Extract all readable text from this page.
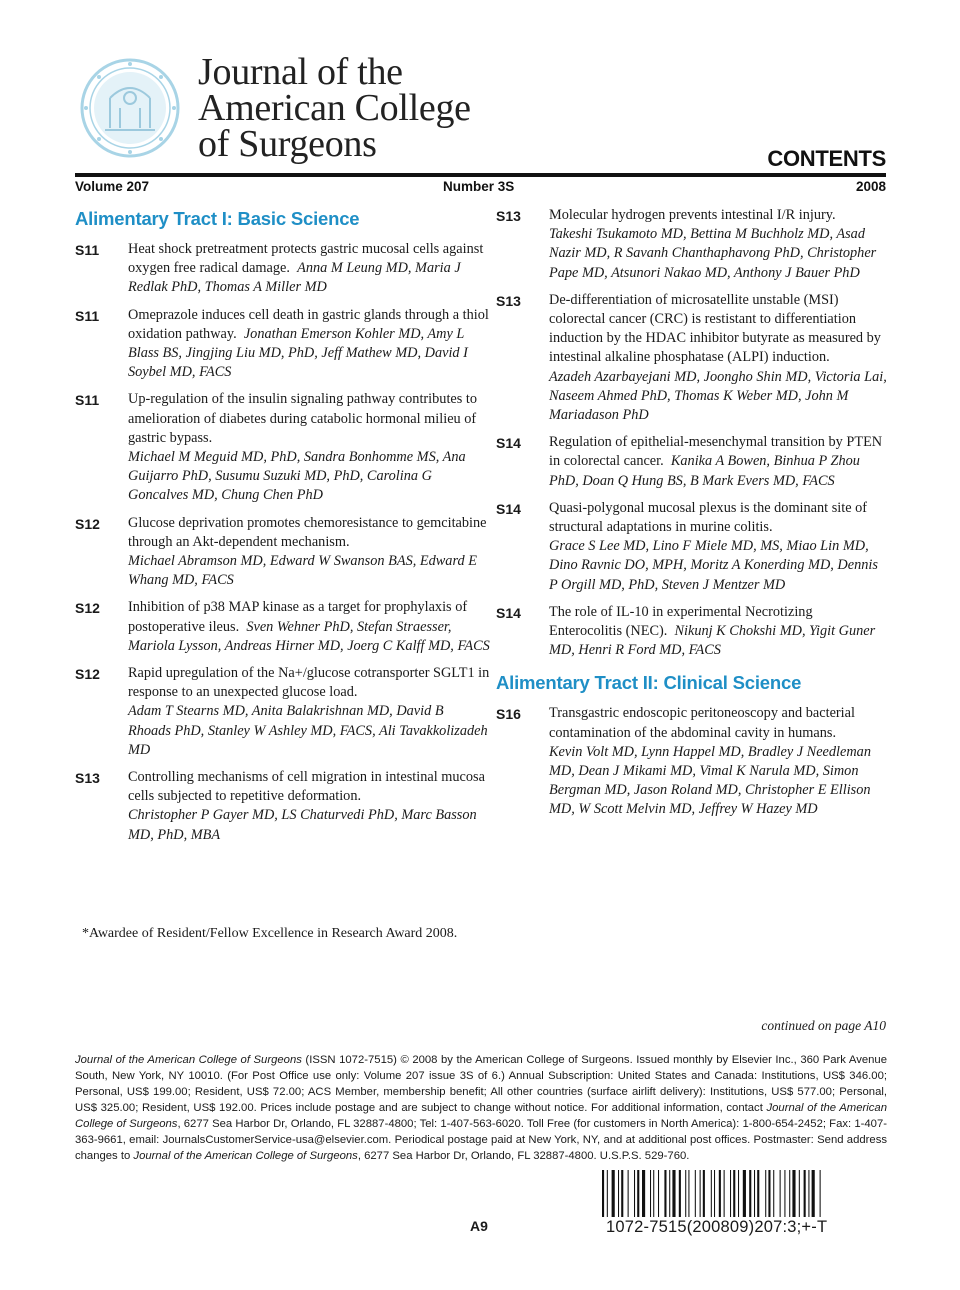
Journal of the
American College
of Surgeons	CONTENTS
Volume 207	Number 3S	2008
Alimentary Tract I: Basic Science
S11	Heat shock pretreatment protects gastric mucosal cells against oxygen free radical damage. Anna M Leung MD, Maria J Redlak PhD, Thomas A Miller MD
S11	Omeprazole induces cell death in gastric glands through a thiol oxidation pathway. Jonathan Emerson Kohler MD, Amy L Blass BS, Jingjing Liu MD, PhD, Jeff Mathew MD, David I Soybel MD, FACS
S11	Up-regulation of the insulin signaling pathway contributes to amelioration of diabetes during catabolic hormonal milieu of gastric bypass.
Michael M Meguid MD, PhD, Sandra Bonhomme MS, Ana Guijarro PhD, Susumu Suzuki MD, PhD, Carolina G Goncalves MD, Chung Chen PhD
S12	Glucose deprivation promotes chemoresistance to gemcitabine through an Akt-dependent mechanism.
Michael Abramson MD, Edward W Swanson BAS, Edward E Whang MD, FACS
S12	Inhibition of p38 MAP kinase as a target for prophylaxis of postoperative ileus. Sven Wehner PhD, Stefan Straesser, Mariola Lysson, Andreas Hirner MD, Joerg C Kalff MD, FACS
S12	Rapid upregulation of the Na+/glucose cotransporter SGLT1 in response to an unexpected glucose load.
Adam T Stearns MD, Anita Balakrishnan MD, David B Rhoads PhD, Stanley W Ashley MD, FACS, Ali Tavakkolizadeh MD
S13	Controlling mechanisms of cell migration in intestinal mucosa cells subjected to repetitive deformation.
Christopher P Gayer MD, LS Chaturvedi PhD, Marc Basson MD, PhD, MBA
S13	Molecular hydrogen prevents intestinal I/R injury.
Takeshi Tsukamoto MD, Bettina M Buchholz MD, Asad Nazir MD, R Savanh Chanthaphavong PhD, Christopher Pape MD, Atsunori Nakao MD, Anthony J Bauer PhD
S13	De-differentiation of microsatellite unstable (MSI) colorectal cancer (CRC) is restistant to differentiation induction by the HDAC inhibitor butyrate as measured by intestinal alkaline phosphatase (ALPI) induction.
Azadeh Azarbayejani MD, Joongho Shin MD, Victoria Lai, Naseem Ahmed PhD, Thomas K Weber MD, John M Mariadason PhD
S14	Regulation of epithelial-mesenchymal transition by PTEN in colorectal cancer. Kanika A Bowen, Binhua P Zhou PhD, Doan Q Hung BS, B Mark Evers MD, FACS
S14	Quasi-polygonal mucosal plexus is the dominant site of structural adaptations in murine colitis.
Grace S Lee MD, Lino F Miele MD, MS, Miao Lin MD, Dino Ravnic DO, MPH, Moritz A Konerding MD, Dennis P Orgill MD, PhD, Steven J Mentzer MD
S14	The role of IL-10 in experimental Necrotizing Enterocolitis (NEC). Nikunj K Chokshi MD, Yigit Guner MD, Henri R Ford MD, FACS
Alimentary Tract II: Clinical Science
S16	Transgastric endoscopic peritoneoscopy and bacterial contamination of the abdominal cavity in humans.
Kevin Volt MD, Lynn Happel MD, Bradley J Needleman MD, Dean J Mikami MD, Vimal K Narula MD, Simon Bergman MD, Jason Roland MD, Christopher E Ellison MD, W Scott Melvin MD, Jeffrey W Hazey MD
*Awardee of Resident/Fellow Excellence in Research Award 2008.
continued on page A10
Journal of the American College of Surgeons (ISSN 1072-7515) © 2008 by the American College of Surgeons. Issued monthly by Elsevier Inc., 360 Park Avenue South, New York, NY 10010. (For Post Office use only: Volume 207 issue 3S of 6.) Annual Subscription: United States and Canada: Institutions, US$ 346.00; Personal, US$ 199.00; Resident, US$ 72.00; ACS Member, membership benefit; All other countries (surface airlift delivery): Institutions, US$ 577.00; Personal, US$ 325.00; Resident, US$ 192.00. Prices include postage and are subject to change without notice. For additional information, contact Journal of the American College of Surgeons, 6277 Sea Harbor Dr, Orlando, FL 32887-4800; Tel: 1-407-563-6020. Toll Free (for customers in North America): 1-800-654-2452; Fax: 1-407-363-9661, email: JournalsCustomerService-usa@elsevier.com. Periodical postage paid at New York, NY, and at additional post offices. Postmaster: Send address changes to Journal of the American College of Surgeons, 6277 Sea Harbor Dr, Orlando, FL 32887-4800. U.S.P.S. 529-760.
1072-7515(200809)207:3;+-T
A9
